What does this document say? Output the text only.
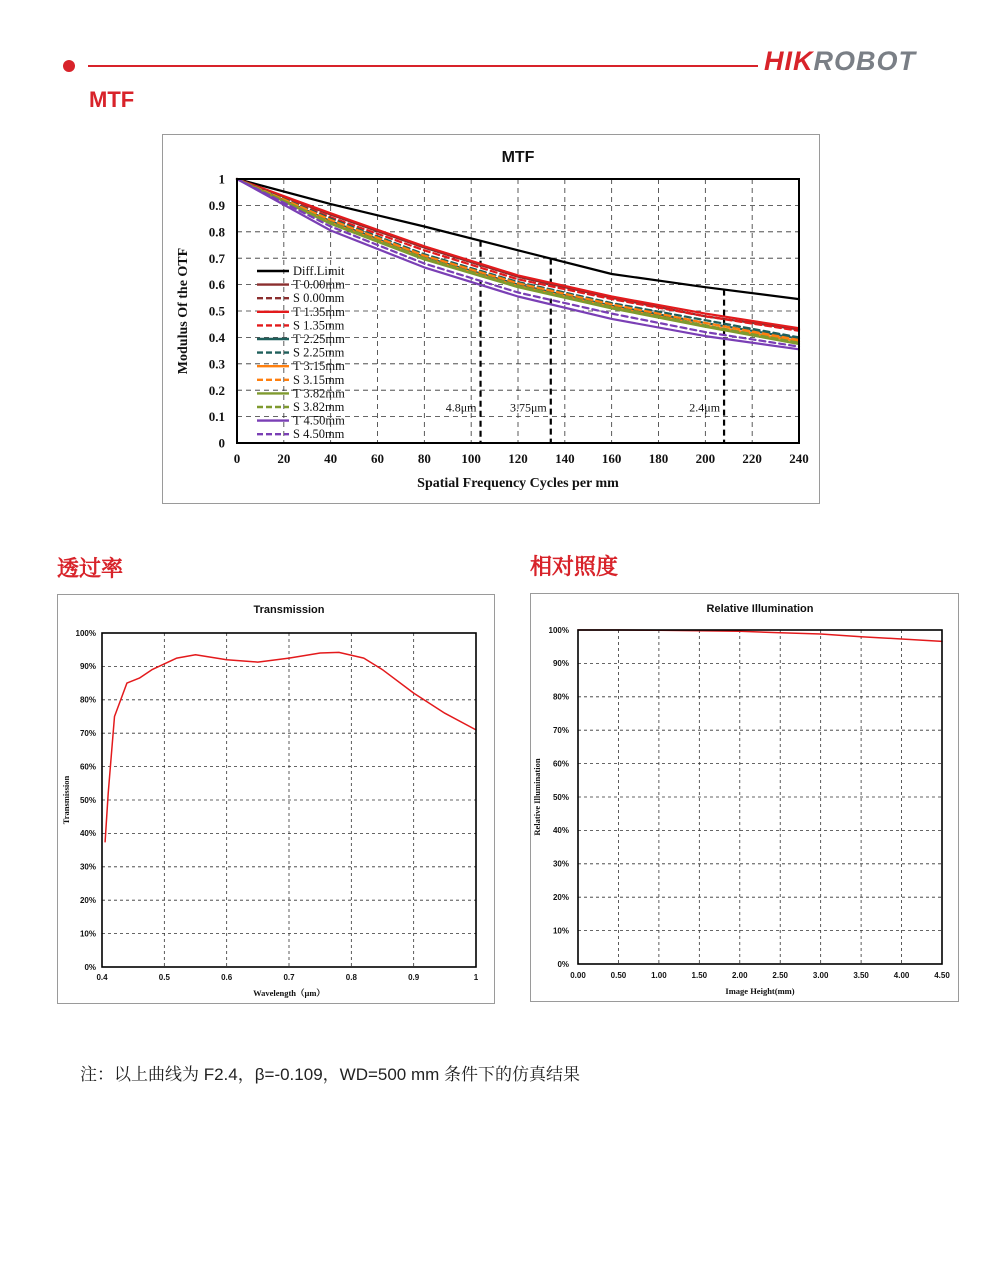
HIKROBOT
MTF
透过率	相对照度
MTF
0	20	40	60	80 100 120 140 160 180 200 220 240
0
0.1
0.2
0.3
0.4
0.5
0.6
0.7
0.8
0.9
1
Spatial Frequency Cycles per mm
Modulus Of the OTF
4.8μm	3.75μm	2.4μm
Diff.Limit
T 0.00mm
S 0.00mm
T 1.35mm
S 1.35mm
T 2.25mm
S 2.25mm
T 3.15mm
S 3.15mm
T 3.82mm
S 3.82mm
T 4.50mm
S 4.50mm
Transmission
0.4	0.5	0.6	0.7	0.8	0.9	1
0%
10%
20%
30%
40%
50%
60%
70%
80%
90%
100%
Wavelength（μm）
Transmission
Relative Illumination
0.00	0.50	1.00	1.50	2.00	2.50	3.00	3.50	4.00	4.50
0%
10%
20%
30%
40%
50%
60%
70%
80%
90%
100%
Image Height(mm)
Relative Illumination
注：以上曲线为 F2.4，β=-0.109，WD=500 mm 条件下的仿真结果
